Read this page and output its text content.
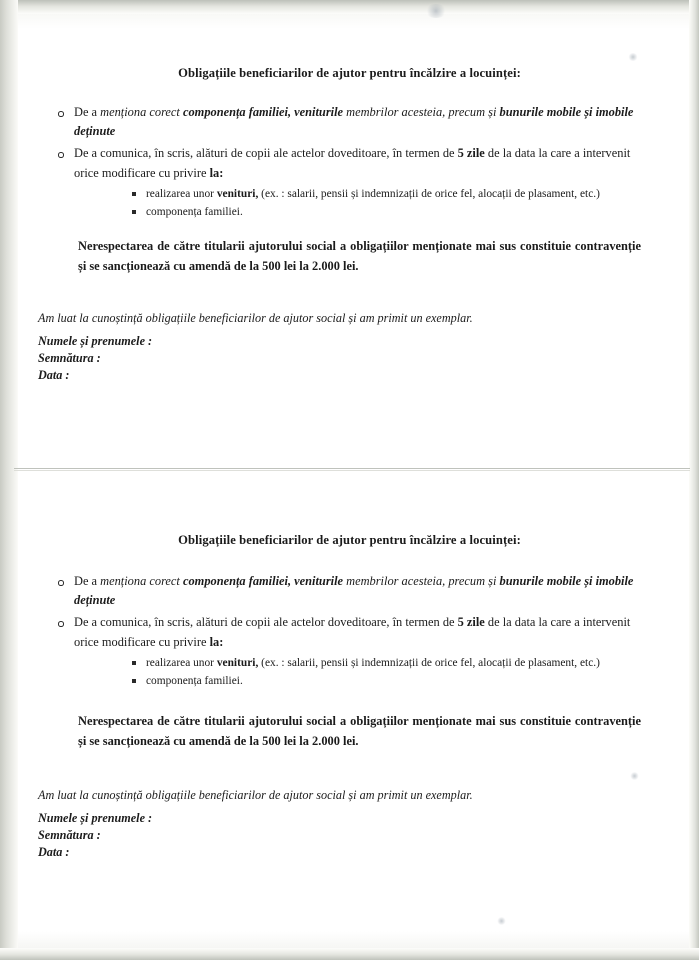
Obligațiile beneficiarilor de ajutor pentru încălzire a locuinței:
De a menționa corect componența familiei, veniturile membrilor acesteia, precum și bunurile mobile și imobile deținute
De a comunica, în scris, alături de copii ale actelor doveditoare, în termen de 5 zile de la data la care a intervenit orice modificare cu privire la:
realizarea unor venituri, (ex. : salarii, pensii și indemnizații de orice fel, alocații de plasament, etc.)
componența familiei.
Nerespectarea de către titularii ajutorului social a obligațiilor menționate mai sus constituie contravenție și se sancționează cu amendă de la 500 lei la 2.000 lei.
Am luat la cunoștință obligațiile beneficiarilor de ajutor social și am primit un exemplar.
Numele și prenumele :
Semnătura :
Data :
Obligațiile beneficiarilor de ajutor pentru încălzire a locuinței:
De a menționa corect componența familiei, veniturile membrilor acesteia, precum și bunurile mobile și imobile deținute
De a comunica, în scris, alături de copii ale actelor doveditoare, în termen de 5 zile de la data la care a intervenit orice modificare cu privire la:
realizarea unor venituri, (ex. : salarii, pensii și indemnizații de orice fel, alocații de plasament, etc.)
componența familiei.
Nerespectarea de către titularii ajutorului social a obligațiilor menționate mai sus constituie contravenție și se sancționează cu amendă de la 500 lei la 2.000 lei.
Am luat la cunoștință obligațiile beneficiarilor de ajutor social și am primit un exemplar.
Numele și prenumele :
Semnătura :
Data :
